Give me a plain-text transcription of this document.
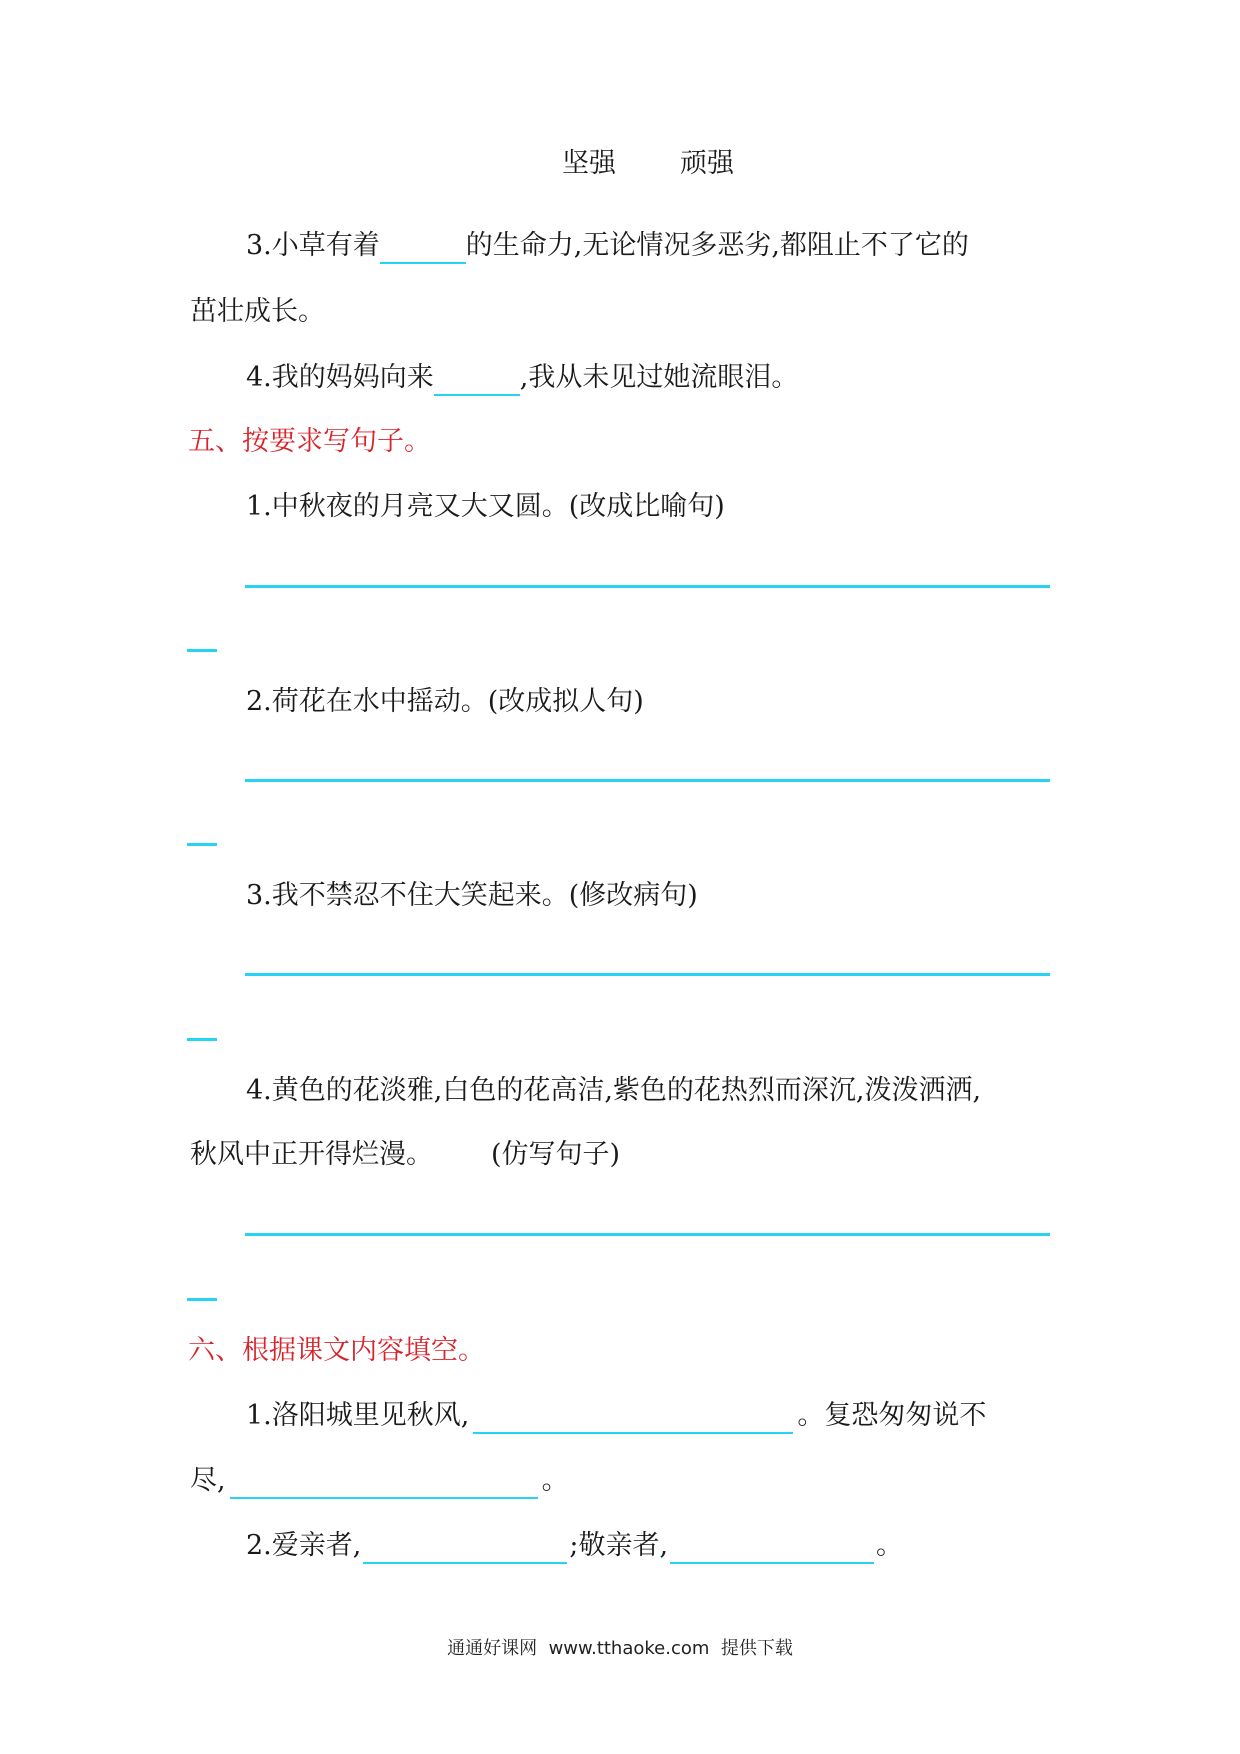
坚强 顽强
3.小草有着	的生命力,无论情况多恶劣,都阻止不了它的
茁壮成长。
4.我的妈妈向来	,我从未见过她流眼泪。
五、按要求写句子。
1.中秋夜的月亮又大又圆。(改成比喻句)
2.荷花在水中摇动。(改成拟人句)
3.我不禁忍不住大笑起来。(修改病句)
4.黄色的花淡雅,白色的花高洁,紫色的花热烈而深沉,泼泼洒洒,
秋风中正开得烂漫。 (仿写句子)
六、根据课文内容填空。
1.洛阳城里见秋风,	。复恐匆匆说不
尽,	。
2.爱亲者,	;敬亲者,	。
通通好课网  www.tthaoke.com  提供下载
